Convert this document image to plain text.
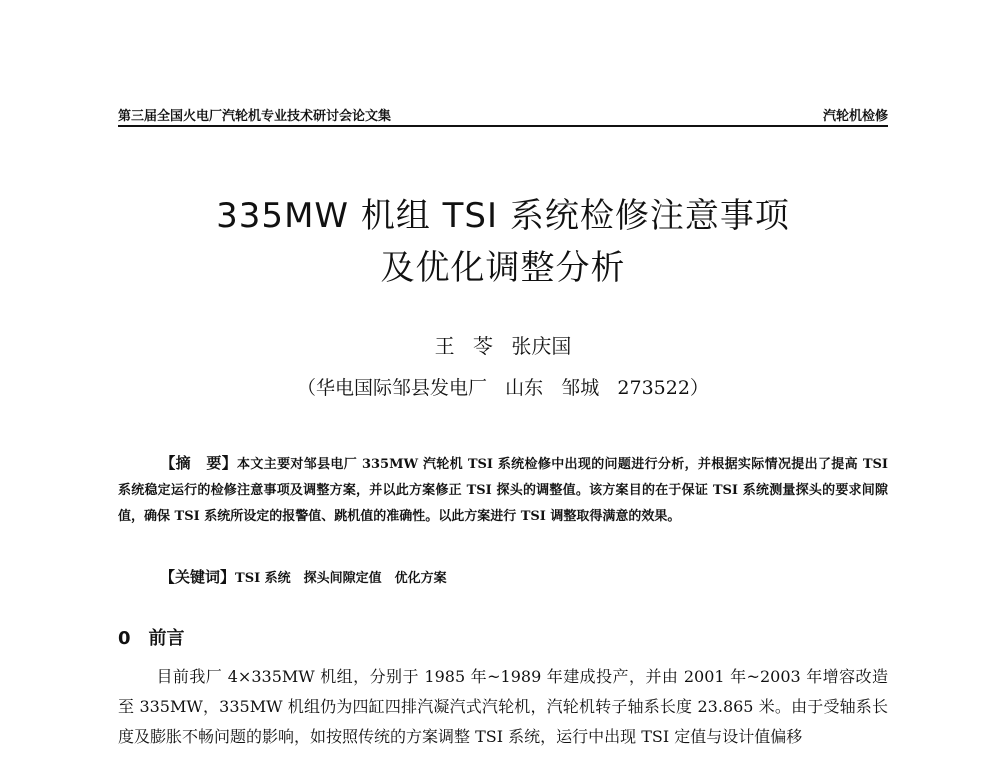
第三届全国火电厂汽轮机专业技术研讨会论文集	汽轮机检修
335MW 机组 TSI 系统检修注意事项
及优化调整分析
王 苓 张庆国
（华电国际邹县发电厂   山东   邹城   273522）
【摘　要】本文主要对邹县电厂 335MW 汽轮机 TSI 系统检修中出现的问题进行分析，并根据实际情况提出了提高 TSI 系统稳定运行的检修注意事项及调整方案，并以此方案修正 TSI 探头的调整值。该方案目的在于保证 TSI 系统测量探头的要求间隙值，确保 TSI 系统所设定的报警值、跳机值的准确性。以此方案进行 TSI 调整取得满意的效果。
【关键词】TSI 系统　探头间隙定值　优化方案
0 前言
目前我厂 4×335MW 机组，分别于 1985 年~1989 年建成投产，并由 2001 年~2003 年增容改造至 335MW，335MW 机组仍为四缸四排汽凝汽式汽轮机，汽轮机转子轴系长度 23.865 米。由于受轴系长度及膨胀不畅问题的影响，如按照传统的方案调整 TSI 系统，运行中出现 TSI 定值与设计值偏移
